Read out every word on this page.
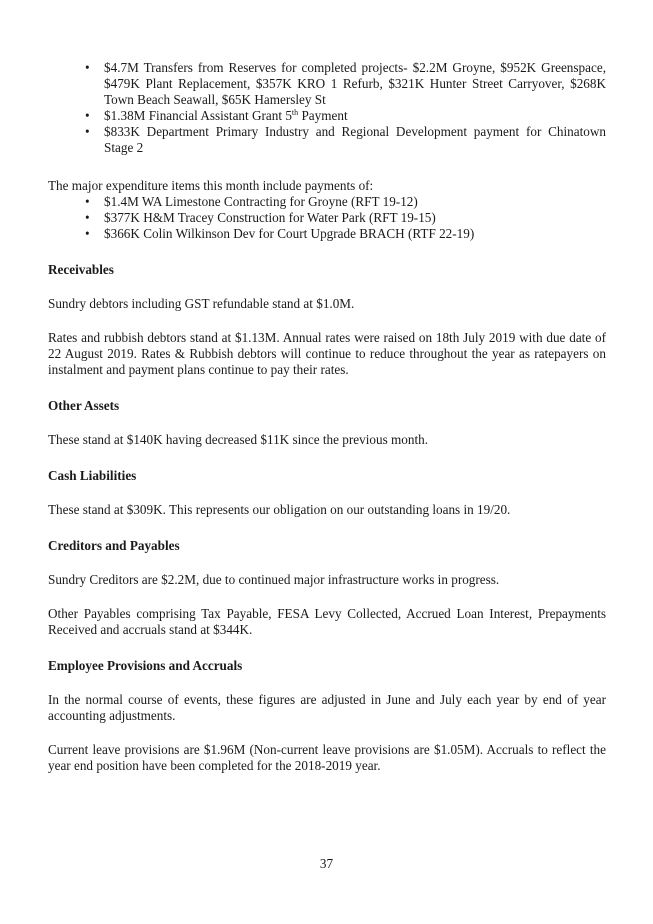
• $4.7M Transfers from Reserves for completed projects- $2.2M Groyne, $952K Greenspace, $479K Plant Replacement, $357K KRO 1 Refurb, $321K Hunter Street Carryover, $268K Town Beach Seawall, $65K Hamersley St
• $1.38M Financial Assistant Grant 5th Payment
• $833K Department Primary Industry and Regional Development payment for Chinatown Stage 2

The major expenditure items this month include payments of:

• $1.4M WA Limestone Contracting for Groyne (RFT 19-12)
• $377K H&M Tracey Construction for Water Park (RFT 19-15)
• $366K Colin Wilkinson Dev for Court Upgrade BRACH (RTF 22-19)
Receivables

Sundry debtors including GST refundable stand at $1.0M.

Rates and rubbish debtors stand at $1.13M. Annual rates were raised on 18th July 2019 with due date of 22 August 2019. Rates & Rubbish debtors will continue to reduce throughout the year as ratepayers on instalment and payment plans continue to pay their rates.

Other Assets

These stand at $140K having decreased $11K since the previous month.

Cash Liabilities

These stand at $309K. This represents our obligation on our outstanding loans in 19/20.

Creditors and Payables

Sundry Creditors are $2.2M, due to continued major infrastructure works in progress.

Other Payables comprising Tax Payable, FESA Levy Collected, Accrued Loan Interest, Prepayments Received and accruals stand at $344K.

Employee Provisions and Accruals

In the normal course of events, these figures are adjusted in June and July each year by end of year accounting adjustments.

Current leave provisions are $1.96M (Non-current leave provisions are $1.05M). Accruals to reflect the year end position have been completed for the 2018-2019 year.

37
